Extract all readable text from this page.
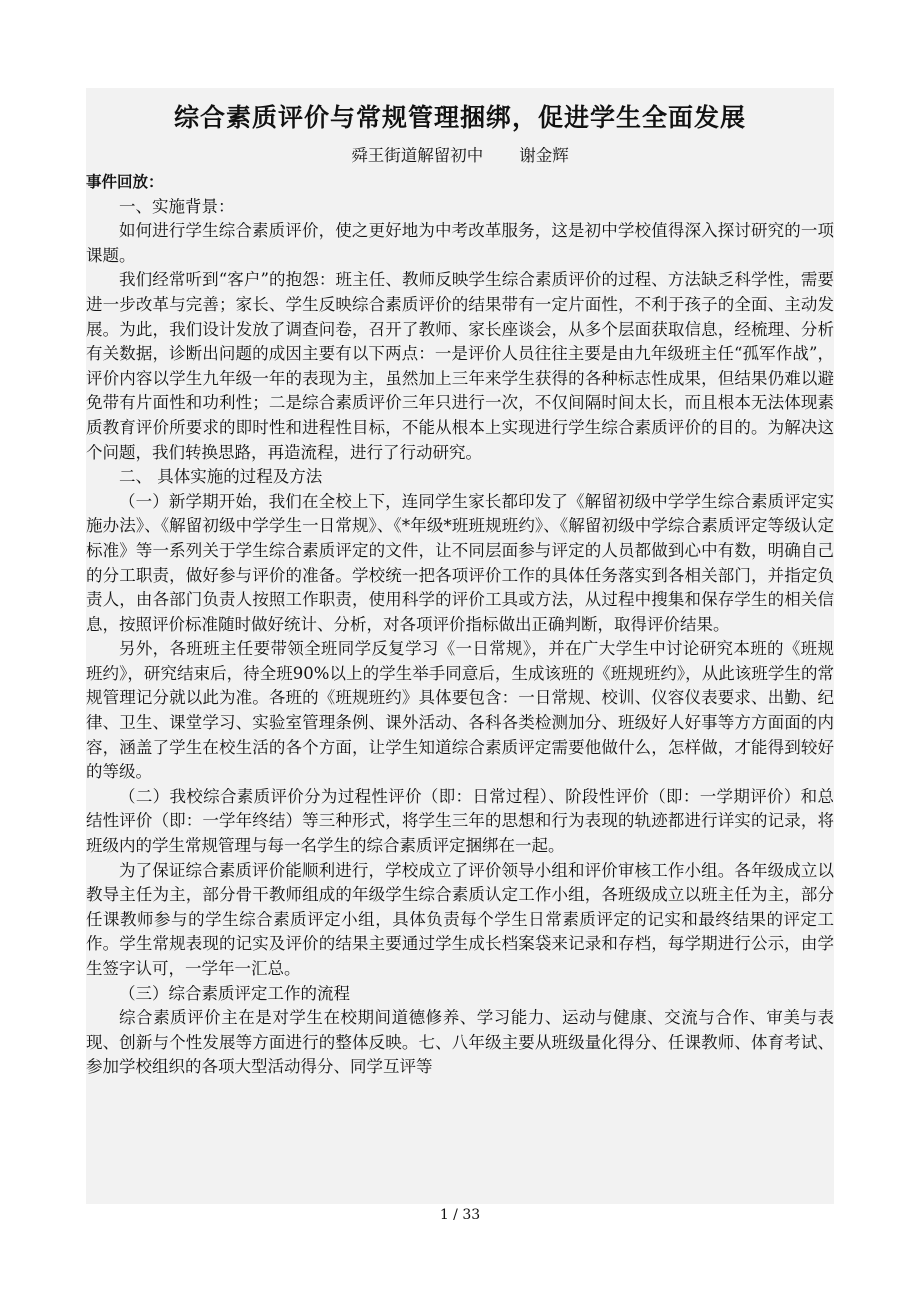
综合素质评价与常规管理捆绑，促进学生全面发展
舜王街道解留初中 谢金辉

事件回放：

一、实施背景：

如何进行学生综合素质评价，使之更好地为中考改革服务，这是初中学校值得深入探讨研究的一项课题。

我们经常听到“客户”的抱怨：班主任、教师反映学生综合素质评价的过程、方法缺乏科学性，需要进一步改革与完善；家长、学生反映综合素质评价的结果带有一定片面性，不利于孩子的全面、主动发展。为此，我们设计发放了调查问卷，召开了教师、家长座谈会，从多个层面获取信息，经梳理、分析有关数据，诊断出问题的成因主要有以下两点：一是评价人员往往主要是由九年级班主任“孤军作战”，评价内容以学生九年级一年的表现为主，虽然加上三年来学生获得的各种标志性成果，但结果仍难以避免带有片面性和功利性；二是综合素质评价三年只进行一次，不仅间隔时间太长，而且根本无法体现素质教育评价所要求的即时性和进程性目标，不能从根本上实现进行学生综合素质评价的目的。为解决这个问题，我们转换思路，再造流程，进行了行动研究。

二、 具体实施的过程及方法

（一）新学期开始，我们在全校上下，连同学生家长都印发了《解留初级中学学生综合素质评定实施办法》、《解留初级中学学生一日常规》、《*年级*班班规班约》、《解留初级中学综合素质评定等级认定标准》等一系列关于学生综合素质评定的文件，让不同层面参与评定的人员都做到心中有数，明确自己的分工职责，做好参与评价的准备。学校统一把各项评价工作的具体任务落实到各相关部门，并指定负责人，由各部门负责人按照工作职责，使用科学的评价工具或方法，从过程中搜集和保存学生的相关信息，按照评价标准随时做好统计、分析，对各项评价指标做出正确判断，取得评价结果。

另外，各班班主任要带领全班同学反复学习《一日常规》，并在广大学生中讨论研究本班的《班规班约》，研究结束后，待全班90%以上的学生举手同意后，生成该班的《班规班约》，从此该班学生的常规管理记分就以此为准。各班的《班规班约》具体要包含：一日常规、校训、仪容仪表要求、出勤、纪律、卫生、课堂学习、实验室管理条例、课外活动、各科各类检测加分、班级好人好事等方方面面的内容，涵盖了学生在校生活的各个方面，让学生知道综合素质评定需要他做什么，怎样做，才能得到较好的等级。

（二）我校综合素质评价分为过程性评价（即：日常过程）、阶段性评价（即：一学期评价）和总结性评价（即：一学年终结）等三种形式，将学生三年的思想和行为表现的轨迹都进行详实的记录，将班级内的学生常规管理与每一名学生的综合素质评定捆绑在一起。

为了保证综合素质评价能顺利进行，学校成立了评价领导小组和评价审核工作小组。各年级成立以教导主任为主，部分骨干教师组成的年级学生综合素质认定工作小组，各班级成立以班主任为主，部分任课教师参与的学生综合素质评定小组，具体负责每个学生日常素质评定的记实和最终结果的评定工作。学生常规表现的记实及评价的结果主要通过学生成长档案袋来记录和存档，每学期进行公示，由学生签字认可，一学年一汇总。

（三）综合素质评定工作的流程

综合素质评价主在是对学生在校期间道德修养、学习能力、运动与健康、交流与合作、审美与表现、创新与个性发展等方面进行的整体反映。七、八年级主要从班级量化得分、任课教师、体育考试、参加学校组织的各项大型活动得分、同学互评等

1 / 33
